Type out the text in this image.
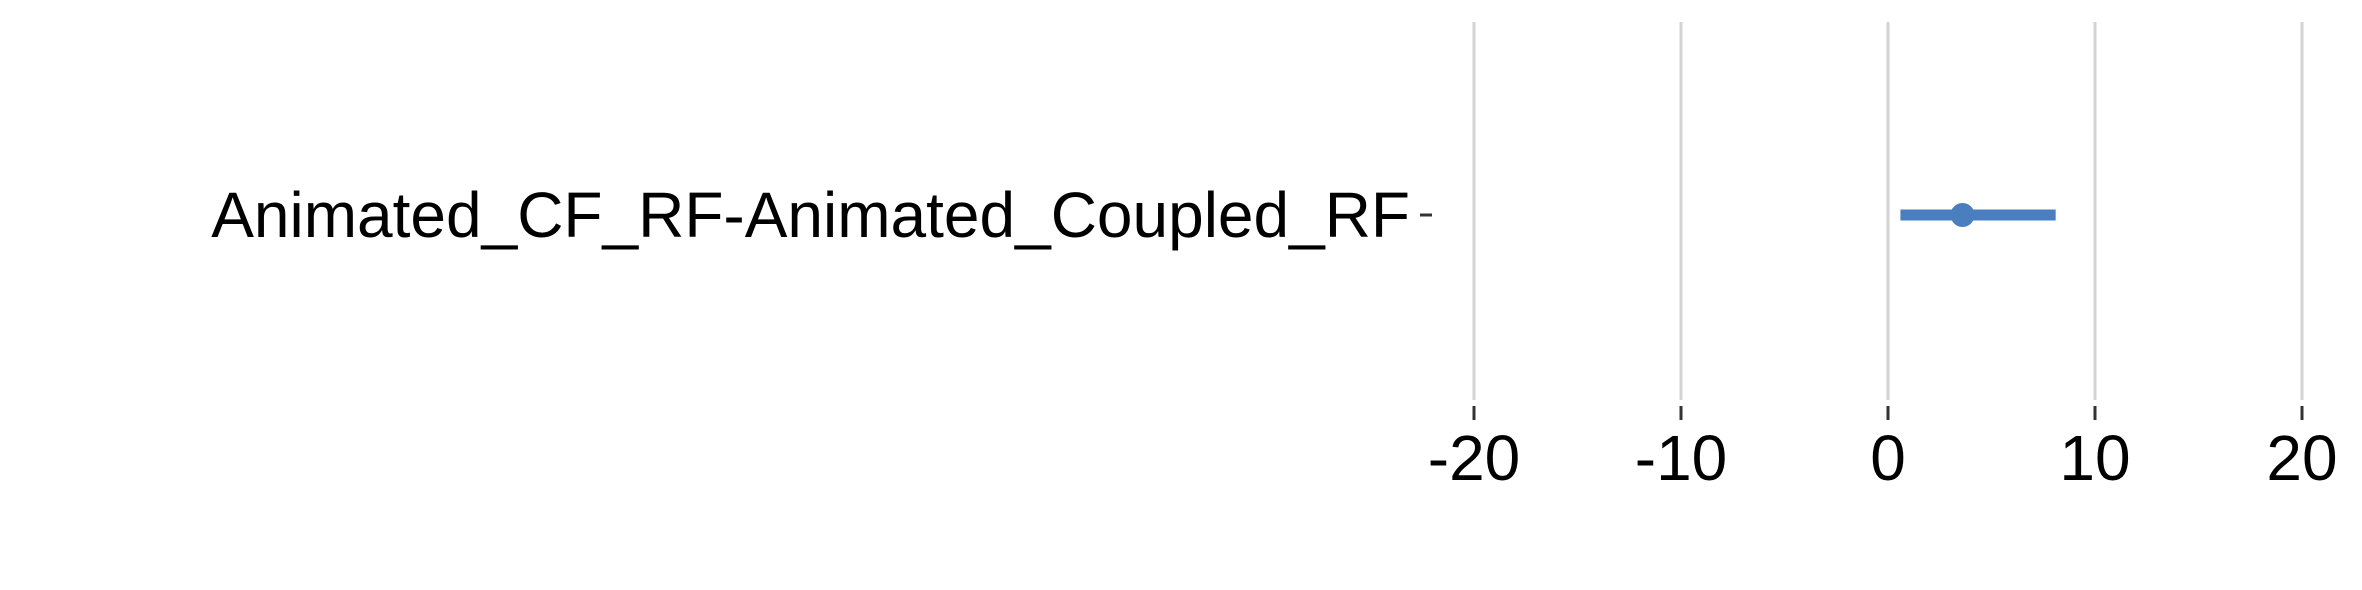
-20 -10 0 10 20
Animated_CF_RF-Animated_Coupled_RF
